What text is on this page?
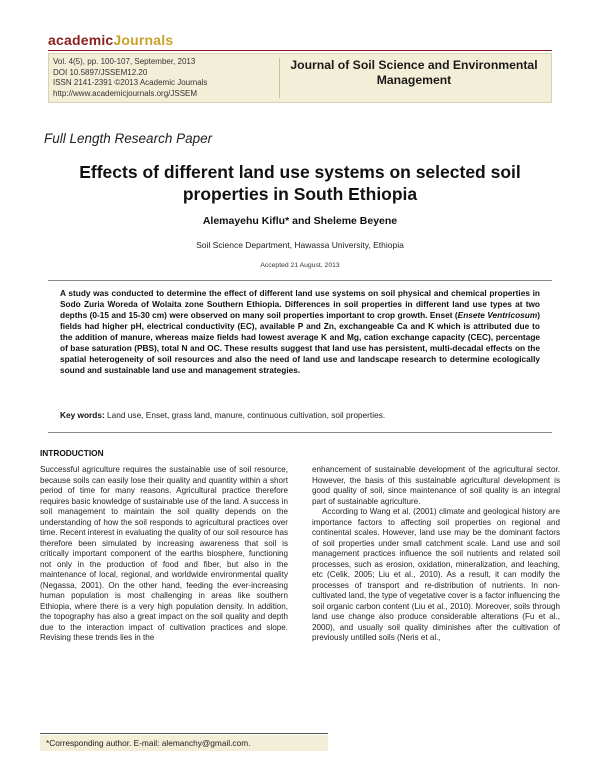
academicJournals
Vol. 4(5), pp. 100-107, September, 2013
DOI 10.5897/JSSEM12.20
ISSN 2141-2391 ©2013 Academic Journals
http://www.academicjournals.org/JSSEM
Journal of Soil Science and Environmental Management
Full Length Research Paper
Effects of different land use systems on selected soil properties in South Ethiopia
Alemayehu Kiflu* and Sheleme Beyene
Soil Science Department, Hawassa University, Ethiopia
Accepted 21 August, 2013
A study was conducted to determine the effect of different land use systems on soil physical and chemical properties in Sodo Zuria Woreda of Wolaita zone Southern Ethiopia. Differences in soil properties in different land use types at two depths (0-15 and 15-30 cm) were observed on many soil properties important to crop growth. Enset (Ensete Ventricosum) fields had higher pH, electrical conductivity (EC), available P and Zn, exchangeable Ca and K which is attributed due to the addition of manure, whereas maize fields had lowest average K and Mg, cation exchange capacity (CEC), percentage of base saturation (PBS), total N and OC. These results suggest that land use has persistent, multi-decadal effects on the spatial heterogeneity of soil resources and also the need of land use and landscape research to determine ecologically sound and sustainable land use and management strategies.
Key words: Land use, Enset, grass land, manure, continuous cultivation, soil properties.
INTRODUCTION

Successful agriculture requires the sustainable use of soil resource, because soils can easily lose their quality and quantity within a short period of time for many reasons. Agricultural practice therefore requires basic knowledge of sustainable use of the land. A success in soil management to maintain the soil quality depends on the understanding of how the soil responds to agricultural practices over time. Recent interest in evaluating the quality of our soil resource has therefore been simulated by increasing awareness that soil is critically important component of the earths biosphere, functioning not only in the production of food and fiber, but also in the maintenance of local, regional, and worldwide environmental quality (Negassa, 2001). On the other hand, feeding the ever-increasing human population is most challenging in areas like southern Ethiopia, where there is a very high population density. In addition, the topography has also a great impact on the soil quality and depth due to the interaction impact of cultivation practices and slope. Revising these trends lies in the

enhancement of sustainable development of the agricultural sector. However, the basis of this sustainable agricultural development is good quality of soil, since maintenance of soil quality is an integral part of sustainable agriculture.

According to Wang et al. (2001) climate and geological history are importance factors to affecting soil properties on regional and continental scales. However, land use may be the dominant factors of soil properties under small catchment scale. Land use and soil management practices influence the soil nutrients and related soil processes, such as erosion, oxidation, mineralization, and leaching, etc (Celik, 2005; Liu et al., 2010). As a result, it can modify the processes of transport and re-distribution of nutrients. In non-cultivated land, the type of vegetative cover is a factor influencing the soil organic carbon content (Liu et al., 2010). Moreover, soils through land use change also produce considerable alterations (Fu et al., 2000), and usually soil quality diminishes after the cultivation of previously untilled soils (Neris et al.,

*Corresponding author. E-mail: alemanchy@gmail.com.
